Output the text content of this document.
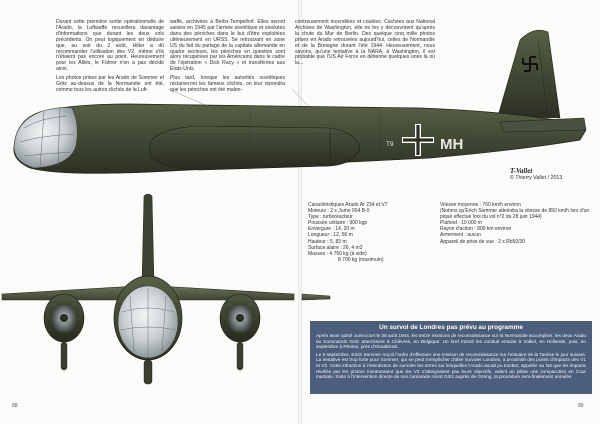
T9	MH

Durant cette première sortie opérationnelle de l'Arado, la Luftwaffe recueillera davantage d'informations que durant les deux vols précédents. On peut logiquement en déduire que, au soir du 2 août, Hitler a dû recommander l'utilisation des V2, même s'ils n'étaient pas encore au point. Heureusement pour les Alliés, le Führer n'en a pas décidé ainsi.

Les photos prises par les Arado de Sommer et Götz au-dessus de la Normandie ont été, comme tous les autres clichés de la Luft-

waffe, archivées à Berlin-Tempelhof. Elles seront saisies en 1945 par l'armée soviétique et stockées dans des péniches dans le but d'être exploitées ultérieurement en URSS. Se retrouvant en zone US du fait du partage de la capitale allemande en quatre secteurs, les péniches en question sont alors récupérées par les Américains dans le cadre de l'opération « Dick Racy » et transférées aux Etats-Unis.

Plus tard, lorsque les autorités soviétiques réclameront les fameux clichés, on leur répondra que les péniches ont été malen-

contreusement incendiées et coulées. Cachées aux National Archives de Washington, elle ne les y découvrirent qu'après la chute du Mur de Berlin. Des quelque cinq mille photos prises en Arado retrouvées aujourd'hui, celles de Normandie et de la Bretagne durant l'été 1944. Heureusement, nous savons, qu'une tentative à la NARA, à Washington, il est probable que l'US Air Force en détienne quelques unes là où la...

T-Vallet
© Thierry Vallet / 2013
Caractéristiques Arado Ar 234 et V7
Moteurs : 2 x Jumo 004 B-0
Type : turboréacteur
Poussée unitaire : 900 kgp
Envergure : 14, 20 m
Longueur : 12, 56 m
Hauteur : 5, 83 m
Surface alaire : 26, 4 m2
Masses : 4 750 kg (à vide)
8 700 kg (maximum)
Vitesse moyenne : 760 km/h environ
(Notons qu'Erich Sommer atteindra la vitesse de 850 km/h lors d'un piqué effectué lors du vol n°2 du 28 juin 1944)
Plafond : 10 000 m
Rayon d'action : 800 km environ
Armement : aucun
Appareil de prise de vue : 2 x Rb50/30
Un survol de Londres pas prévu au programme

Après avoir quitté Juvincourt le 28 août 1944, les treize missions de reconnaissance sur la Normandie accomplies, les deux Arado du Kommando Götz atterrissent à Chièvres, en Belgique. Un bref transit les conduit ensuite à Volkel, en Hollande, puis, en septembre à Rheine, près d'Osnabrück.

Le 9 septembre, Erich Sommer reçoit l'ordre d'effectuer une mission de reconnaissance sur l'estuaire de la Tamise le jour suivant. La tentative est trop forte pour Sommer, qui ne peut s'empêcher d'aller survoler Londres, à proximité des points d'impacts des V1 et V2. Cette infraction à l'interdiction de survoler les terres sur lesquelles l'Arado aurait pu tomber, appelée au fait que les impacts révélés par les photos montreraient que les V2 n'atteignaient pas leurs objectifs, valent au pilote une comparution en Cour martiale. Suite à l'intervention directe de son camarade Horst Götz auprès de Göring, la procédure sera finalement annulée.

88	89
